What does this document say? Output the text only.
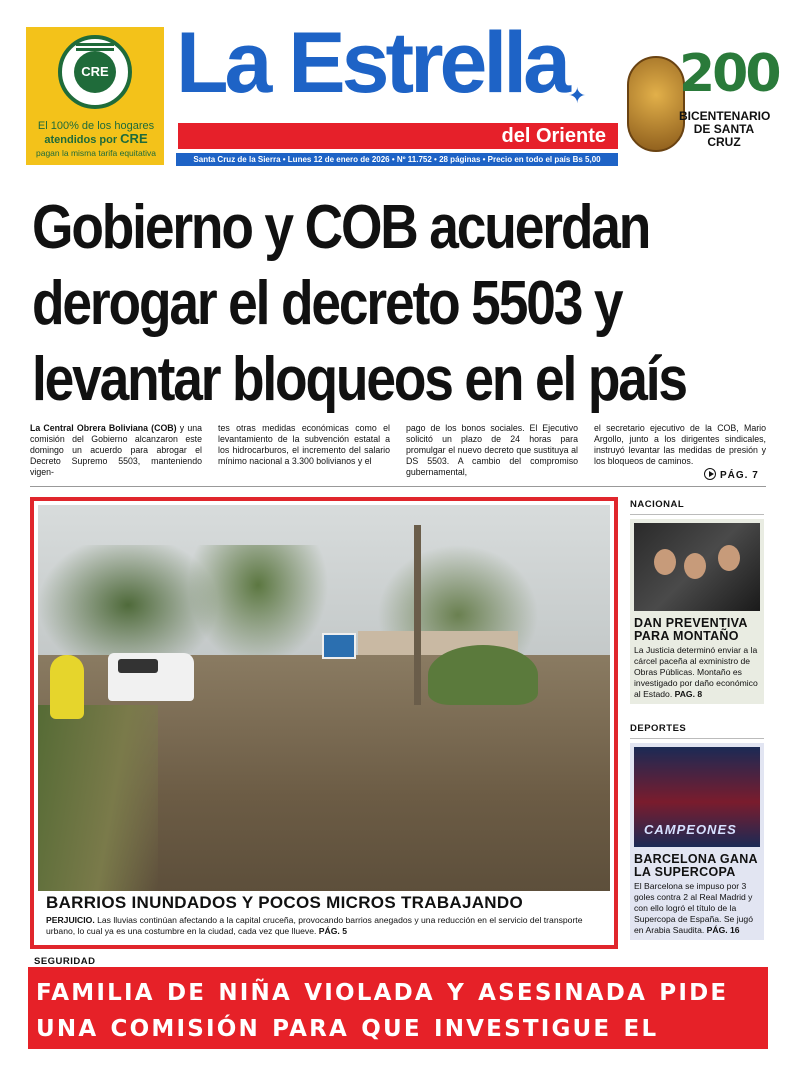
CRE
El 100% de los hogares
atendidos por CRE
pagan la misma tarifa equitativa
La Estrella ✦
del Oriente
Santa Cruz de la Sierra • Lunes 12 de enero de 2026 • Nº 11.752 • 28 páginas • Precio en todo el país Bs 5,00
200
BICENTENARIO DE SANTA CRUZ
Gobierno y COB acuerdan
derogar el decreto 5503 y
levantar bloqueos en el país
La Central Obrera Boliviana (COB) y una comisión del Gobierno alcanzaron este domingo un acuerdo para abrogar el Decreto Supremo 5503, manteniendo vigen-
tes otras medidas económicas como el levantamiento de la subvención estatal a los hidrocarburos, el incremento del salario mínimo nacional a 3.300 bolivianos y el
pago de los bonos sociales. El Ejecutivo solicitó un plazo de 24 horas para promulgar el nuevo decreto que sustituya al DS 5503. A cambio del compromiso gubernamental,
el secretario ejecutivo de la COB, Mario Argollo, junto a los dirigentes sindicales, instruyó levantar las medidas de presión y los bloqueos de caminos.
PÁG. 7
BARRIOS INUNDADOS Y POCOS MICROS TRABAJANDO
PERJUICIO. Las lluvias continúan afectando a la capital cruceña, provocando barrios anegados y una reducción en el servicio del transporte urbano, lo cual ya es una costumbre en la ciudad, cada vez que llueve. PÁG. 5
NACIONAL
DAN PREVENTIVA PARA MONTAÑO
La Justicia determinó enviar a la cárcel paceña al exministro de Obras Públicas. Montaño es investigado por daño económico al Estado. PAG. 8
DEPORTES
CAMPEONES
BARCELONA GANA LA SUPERCOPA
El Barcelona se impuso por 3 goles contra 2 al Real Madrid y con ello logró el título de la Supercopa de España. Se jugó en Arabia Saudita. PÁG. 16
SEGURIDAD
FAMILIA DE NIÑA VIOLADA Y ASESINADA PIDE UNA COMISIÓN PARA QUE INVESTIGUE EL CASO. PÁG. 9
